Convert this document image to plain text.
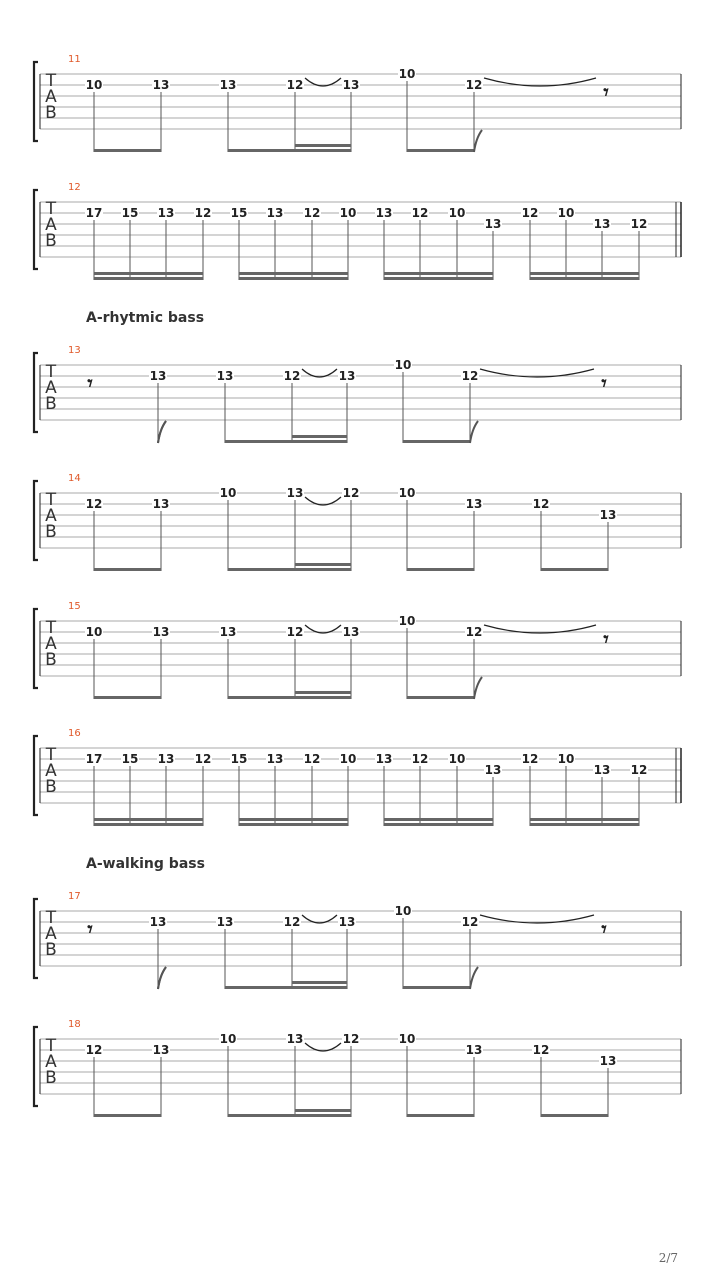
T
A
B
11
10	13	13	12	13
10
12	𝄾
T
A
B
12
17 15 13 12 15 13 12 10 13 12 10
13
12 10
13 12
T
A
B
13
𝄾	13	13	12	13
10
12	𝄾
T
A
B
14
12	13
10	13	12	10
13	12
13
T
A
B
15
10	13	13	12	13
10
12	𝄾
T
A
B
16
17 15 13 12 15 13 12 10 13 12 10
13
12 10
13 12
T
A
B
17
𝄾	13	13	12	13
10
12	𝄾
T
A
B
18
12	13
10	13	12	10
13	12
13
A-rhytmic bass
A-walking bass
2/7
